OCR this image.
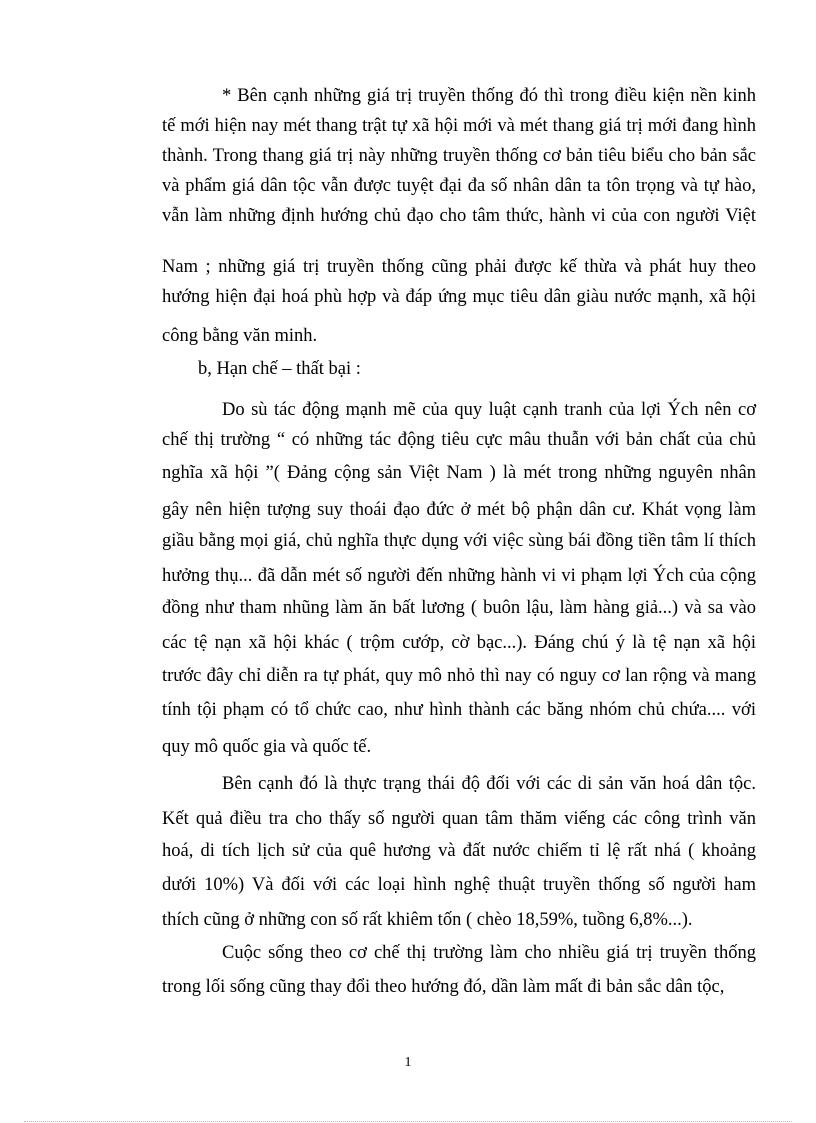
* Bên cạnh những giá trị truyền thống đó thì trong điều kiện nền kinh
tế mới hiện nay mét thang trật tự xã hội mới và mét thang giá trị mới đang hình
thành. Trong thang giá trị này những truyền thống cơ bản tiêu biểu cho bản sắc
và phẩm giá dân tộc vẫn được tuyệt đại đa số nhân dân ta tôn trọng và tự hào,
vẫn làm những định hướng chủ đạo cho tâm thức, hành vi của con người Việt
Nam ; những giá trị truyền thống cũng phải được kế thừa và phát huy theo
hướng hiện đại hoá phù hợp và đáp ứng mục tiêu dân giàu nước mạnh, xã hội
công bằng văn minh.
b, Hạn chế – thất bại :
Do sù tác động mạnh mẽ của quy luật cạnh tranh của lợi Ých nên cơ
chế thị trường “ có những tác động tiêu cực mâu thuẫn với bản chất của chủ
nghĩa xã hội ”( Đảng cộng sản Việt Nam ) là mét trong những nguyên nhân
gây nên hiện tượng suy thoái đạo đức ở mét bộ phận dân cư. Khát vọng làm
giầu bằng mọi giá, chủ nghĩa thực dụng với việc sùng bái đồng tiền tâm lí thích
hưởng thụ... đã dẫn mét số người đến những hành vi vi phạm lợi Ých của cộng
đồng như tham nhũng làm ăn bất lương ( buôn lậu, làm hàng giả...) và sa vào
các tệ nạn xã hội khác ( trộm cướp, cờ bạc...). Đáng chú ý là tệ nạn xã hội
trước đây chỉ diễn ra tự phát, quy mô nhỏ thì nay có nguy cơ lan rộng và mang
tính tội phạm có tổ chức cao, như hình thành các băng nhóm chủ chứa.... với
quy mô quốc gia và quốc tế.
Bên cạnh đó là thực trạng thái độ đối với các di sản văn hoá dân tộc.
Kết quả điều tra cho thấy số người quan tâm thăm viếng các công trình văn
hoá, di tích lịch sử của quê hương và đất nước chiếm tỉ lệ rất nhá ( khoảng
dưới 10%) Và đối với các loại hình nghệ thuật truyền thống số người ham
thích cũng ở những con số rất khiêm tốn ( chèo 18,59%, tuồng 6,8%...).
Cuộc sống theo cơ chế thị trường làm cho nhiều giá trị truyền thống
trong lối sống cũng thay đổi theo hướng đó, dần làm mất đi bản sắc dân tộc,
1
